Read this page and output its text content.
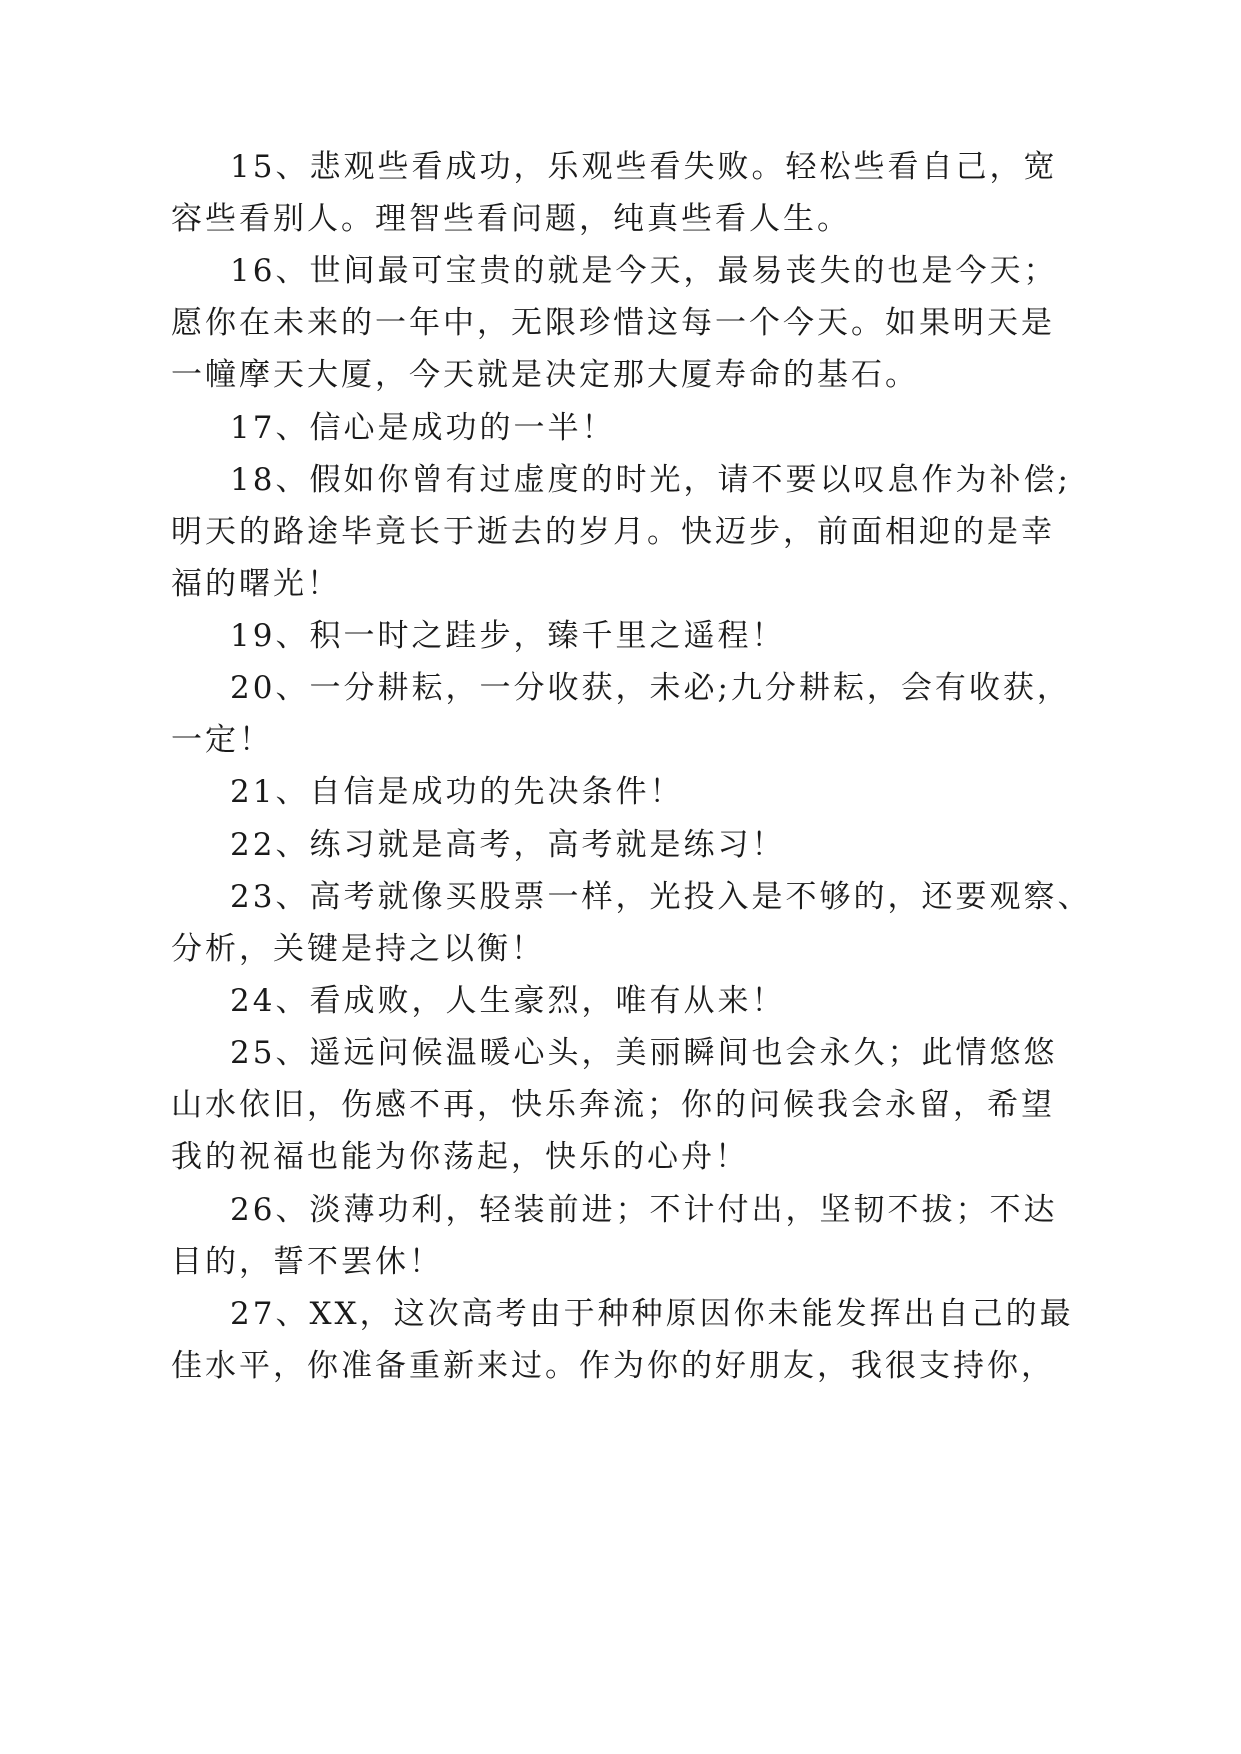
15、悲观些看成功，乐观些看失败。轻松些看自己，宽
容些看别人。理智些看问题，纯真些看人生。
16、世间最可宝贵的就是今天，最易丧失的也是今天；
愿你在未来的一年中，无限珍惜这每一个今天。如果明天是
一幢摩天大厦，今天就是决定那大厦寿命的基石。
17、信心是成功的一半！
18、假如你曾有过虚度的时光，请不要以叹息作为补偿;
明天的路途毕竟长于逝去的岁月。快迈步，前面相迎的是幸
福的曙光！
19、积一时之跬步，臻千里之遥程！
20、一分耕耘，一分收获，未必;九分耕耘，会有收获，
一定！
21、自信是成功的先决条件！
22、练习就是高考，高考就是练习！
23、高考就像买股票一样，光投入是不够的，还要观察、
分析，关键是持之以衡！
24、看成败，人生豪烈，唯有从来！
25、遥远问候温暖心头，美丽瞬间也会永久；此情悠悠
山水依旧，伤感不再，快乐奔流；你的问候我会永留，希望
我的祝福也能为你荡起，快乐的心舟！
26、淡薄功利，轻装前进；不计付出，坚韧不拔；不达
目的，誓不罢休！
27、XX，这次高考由于种种原因你未能发挥出自己的最
佳水平，你准备重新来过。作为你的好朋友，我很支持你，
